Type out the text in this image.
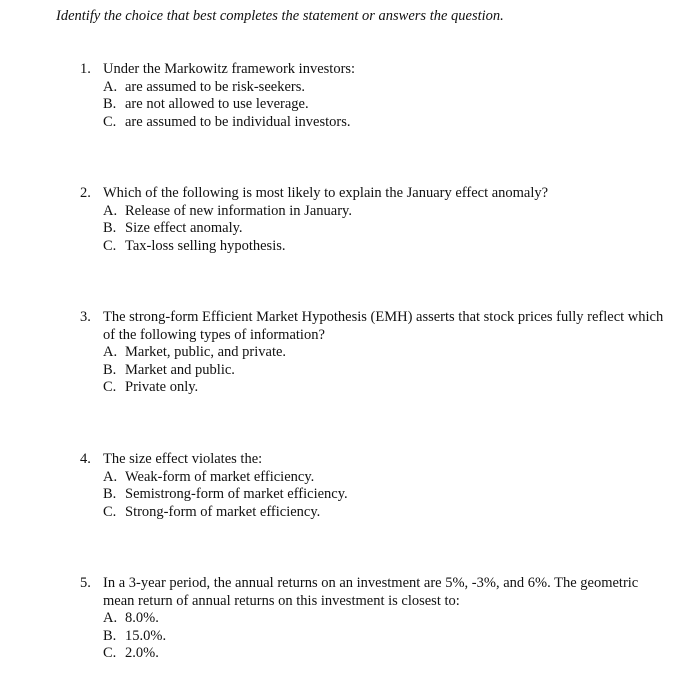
Identify the choice that best completes the statement or answers the question.
1. Under the Markowitz framework investors:
A. are assumed to be risk-seekers.
B. are not allowed to use leverage.
C. are assumed to be individual investors.
2. Which of the following is most likely to explain the January effect anomaly?
A. Release of new information in January.
B. Size effect anomaly.
C. Tax-loss selling hypothesis.
3. The strong-form Efficient Market Hypothesis (EMH) asserts that stock prices fully reflect which of the following types of information?
A. Market, public, and private.
B. Market and public.
C. Private only.
4. The size effect violates the:
A. Weak-form of market efficiency.
B. Semistrong-form of market efficiency.
C. Strong-form of market efficiency.
5. In a 3-year period, the annual returns on an investment are 5%, -3%, and 6%. The geometric mean return of annual returns on this investment is closest to:
A. 8.0%.
B. 15.0%.
C. 2.0%.
